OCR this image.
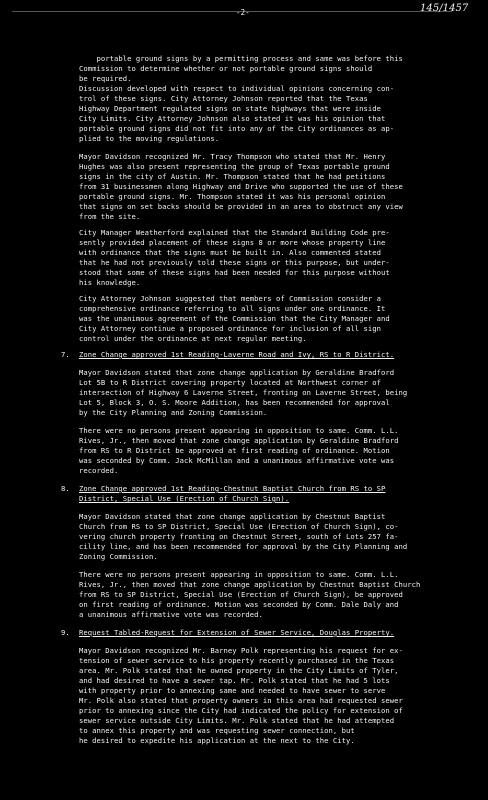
-2-	145/1457

portable ground signs by a permitting process and same was before this
Commission to determine whether or not portable ground signs should
be required.

Discussion developed with respect to individual opinions concerning con-
trol of these signs. City Attorney Johnson reported that the Texas
Highway Department regulated signs on state highways that were inside
City Limits. City Attorney Johnson also stated it was his opinion that
portable ground signs did not fit into any of the City ordinances as ap-
plied to the moving regulations.

Mayor Davidson recognized Mr. Tracy Thompson who stated that Mr. Henry
Hughes was also present representing the group of Texas portable ground
signs in the city of Austin. Mr. Thompson stated that he had petitions
from 31 businessmen along Highway and Drive who supported the use of these
portable ground signs. Mr. Thompson stated it was his personal opinion
that signs on set backs should be provided in an area to obstruct any view
from the site.

City Manager Weatherford explained that the Standard Building Code pre-
sently provided placement of these signs 8 or more whose property line
with ordinance that the signs must be built in. Also commented stated
that he had not previously told these signs or this purpose, but under-
stood that some of these signs had been needed for this purpose without
his knowledge.

City Attorney Johnson suggested that members of Commission consider a
comprehensive ordinance referring to all signs under one ordinance. It
was the unanimous agreement of the Commission that the City Manager and
City Attorney continue a proposed ordinance for inclusion of all sign
control under the ordinance at next regular meeting.

7. Zone Change approved 1st Reading-Laverne Road and Ivy, RS to R District.

Mayor Davidson stated that zone change application by Geraldine Bradford
Lot 5B to R District covering property located at Northwest corner of
intersection of Highway 6 Laverne Street, fronting on Laverne Street, being
Lot 5, Block 3, O. S. Moore Addition, has been recommended for approval
by the City Planning and Zoning Commission.

There were no persons present appearing in opposition to same. Comm. L.L.
Rives, Jr., then moved that zone change application by Geraldine Bradford
from RS to R District be approved at first reading of ordinance. Motion
was seconded by Comm. Jack McMillan and a unanimous affirmative vote was
recorded.

8. Zone Change approved 1st Reading-Chestnut Baptist Church from RS to SP
District, Special Use (Erection of Church Sign).

Mayor Davidson stated that zone change application by Chestnut Baptist
Church from RS to SP District, Special Use (Erection of Church Sign), co-
vering church property fronting on Chestnut Street, south of Lots 257 fa-
cility line, and has been recommended for approval by the City Planning and
Zoning Commission.

There were no persons present appearing in opposition to same. Comm. L.L.
Rives, Jr., then moved that zone change application by Chestnut Baptist Church
from RS to SP District, Special Use (Erection of Church Sign), be approved
on first reading of ordinance. Motion was seconded by Comm. Dale Daly and
a unanimous affirmative vote was recorded.

9. Request Tabled-Request for Extension of Sewer Service, Douglas Property.

Mayor Davidson recognized Mr. Barney Polk representing his request for ex-
tension of sewer service to his property recently purchased in the Texas
area. Mr. Polk stated that he owned property in the City Limits of Tyler,
and had desired to have a sewer tap. Mr. Polk stated that he had 5 lots
with property prior to annexing same and needed to have sewer to serve
Mr. Polk also stated that property owners in this area had requested sewer
prior to annexing since the City had indicated the policy for extension of
sewer service outside City Limits. Mr. Polk stated that he had attempted
to annex this property and was requesting sewer connection, but
he desired to expedite his application at the next to the City.
